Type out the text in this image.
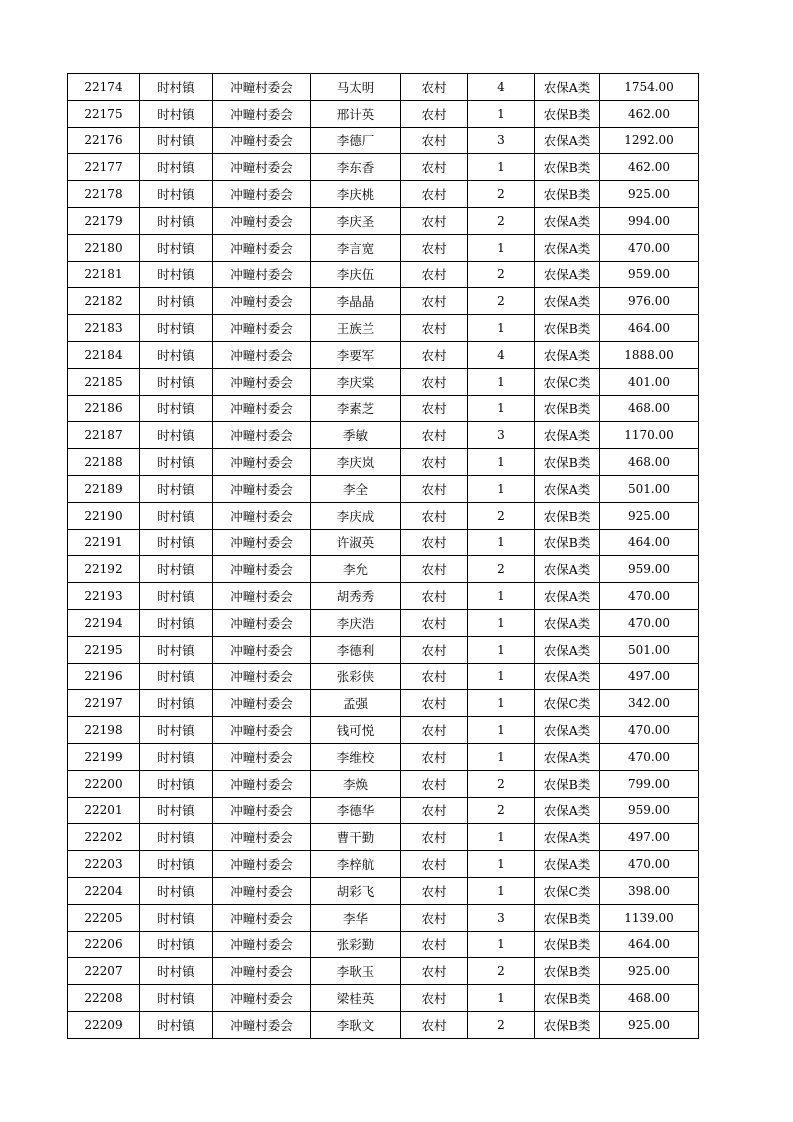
22174	时村镇	冲疃村委会	马太明	农村	4	农保A类	1754.00
22175	时村镇	冲疃村委会	邢计英	农村	1	农保B类	462.00
22176	时村镇	冲疃村委会	李德厂	农村	3	农保A类	1292.00
22177	时村镇	冲疃村委会	李东香	农村	1	农保B类	462.00
22178	时村镇	冲疃村委会	李庆桃	农村	2	农保B类	925.00
22179	时村镇	冲疃村委会	李庆圣	农村	2	农保A类	994.00
22180	时村镇	冲疃村委会	李言宽	农村	1	农保A类	470.00
22181	时村镇	冲疃村委会	李庆伍	农村	2	农保A类	959.00
22182	时村镇	冲疃村委会	李晶晶	农村	2	农保A类	976.00
22183	时村镇	冲疃村委会	王族兰	农村	1	农保B类	464.00
22184	时村镇	冲疃村委会	李要军	农村	4	农保A类	1888.00
22185	时村镇	冲疃村委会	李庆棠	农村	1	农保C类	401.00
22186	时村镇	冲疃村委会	李素芝	农村	1	农保B类	468.00
22187	时村镇	冲疃村委会	季敏	农村	3	农保A类	1170.00
22188	时村镇	冲疃村委会	李庆岚	农村	1	农保B类	468.00
22189	时村镇	冲疃村委会	李全	农村	1	农保A类	501.00
22190	时村镇	冲疃村委会	李庆成	农村	2	农保B类	925.00
22191	时村镇	冲疃村委会	许淑英	农村	1	农保B类	464.00
22192	时村镇	冲疃村委会	李允	农村	2	农保A类	959.00
22193	时村镇	冲疃村委会	胡秀秀	农村	1	农保A类	470.00
22194	时村镇	冲疃村委会	李庆浩	农村	1	农保A类	470.00
22195	时村镇	冲疃村委会	李德利	农村	1	农保A类	501.00
22196	时村镇	冲疃村委会	张彩侠	农村	1	农保A类	497.00
22197	时村镇	冲疃村委会	孟强	农村	1	农保C类	342.00
22198	时村镇	冲疃村委会	钱可悦	农村	1	农保A类	470.00
22199	时村镇	冲疃村委会	李维校	农村	1	农保A类	470.00
22200	时村镇	冲疃村委会	李焕	农村	2	农保B类	799.00
22201	时村镇	冲疃村委会	李德华	农村	2	农保A类	959.00
22202	时村镇	冲疃村委会	曹干勤	农村	1	农保A类	497.00
22203	时村镇	冲疃村委会	李梓航	农村	1	农保A类	470.00
22204	时村镇	冲疃村委会	胡彩飞	农村	1	农保C类	398.00
22205	时村镇	冲疃村委会	李华	农村	3	农保B类	1139.00
22206	时村镇	冲疃村委会	张彩勤	农村	1	农保B类	464.00
22207	时村镇	冲疃村委会	李耿玉	农村	2	农保B类	925.00
22208	时村镇	冲疃村委会	梁桂英	农村	1	农保B类	468.00
22209	时村镇	冲疃村委会	李耿文	农村	2	农保B类	925.00
